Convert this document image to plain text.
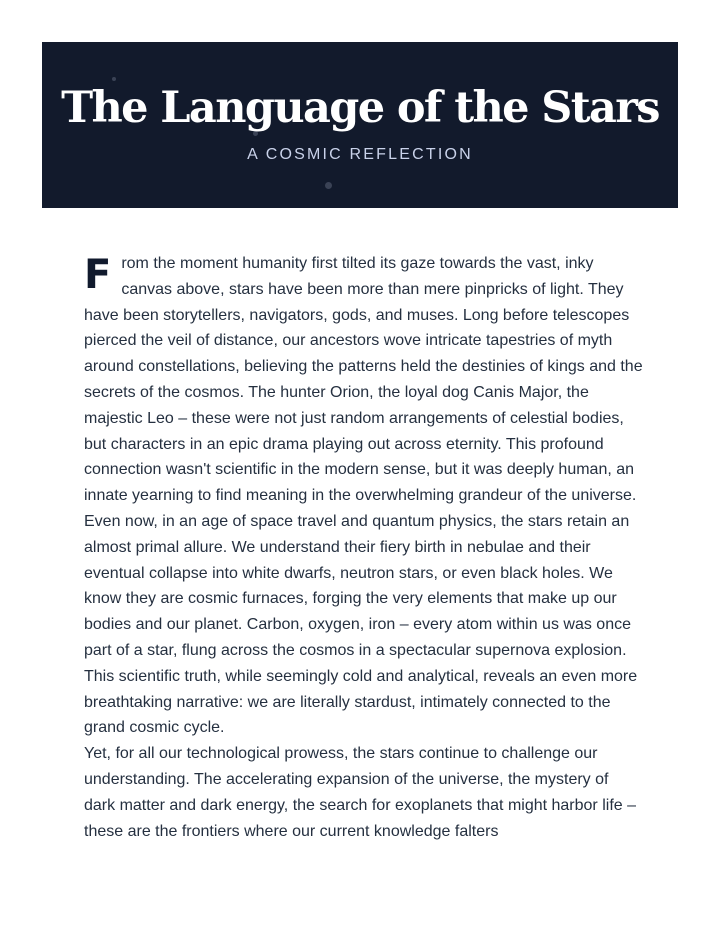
The Language of the Stars
A COSMIC REFLECTION

From the moment humanity first tilted its gaze towards the vast, inky canvas above, stars have been more than mere pinpricks of light. They have been storytellers, navigators, gods, and muses. Long before telescopes pierced the veil of distance, our ancestors wove intricate tapestries of myth around constellations, believing the patterns held the destinies of kings and the secrets of the cosmos. The hunter Orion, the loyal dog Canis Major, the majestic Leo – these were not just random arrangements of celestial bodies, but characters in an epic drama playing out across eternity. This profound connection wasn't scientific in the modern sense, but it was deeply human, an innate yearning to find meaning in the overwhelming grandeur of the universe.

Even now, in an age of space travel and quantum physics, the stars retain an almost primal allure. We understand their fiery birth in nebulae and their eventual collapse into white dwarfs, neutron stars, or even black holes. We know they are cosmic furnaces, forging the very elements that make up our bodies and our planet. Carbon, oxygen, iron – every atom within us was once part of a star, flung across the cosmos in a spectacular supernova explosion. This scientific truth, while seemingly cold and analytical, reveals an even more breathtaking narrative: we are literally stardust, intimately connected to the grand cosmic cycle.

Yet, for all our technological prowess, the stars continue to challenge our understanding. The accelerating expansion of the universe, the mystery of dark matter and dark energy, the search for exoplanets that might harbor life – these are the frontiers where our current knowledge falters
